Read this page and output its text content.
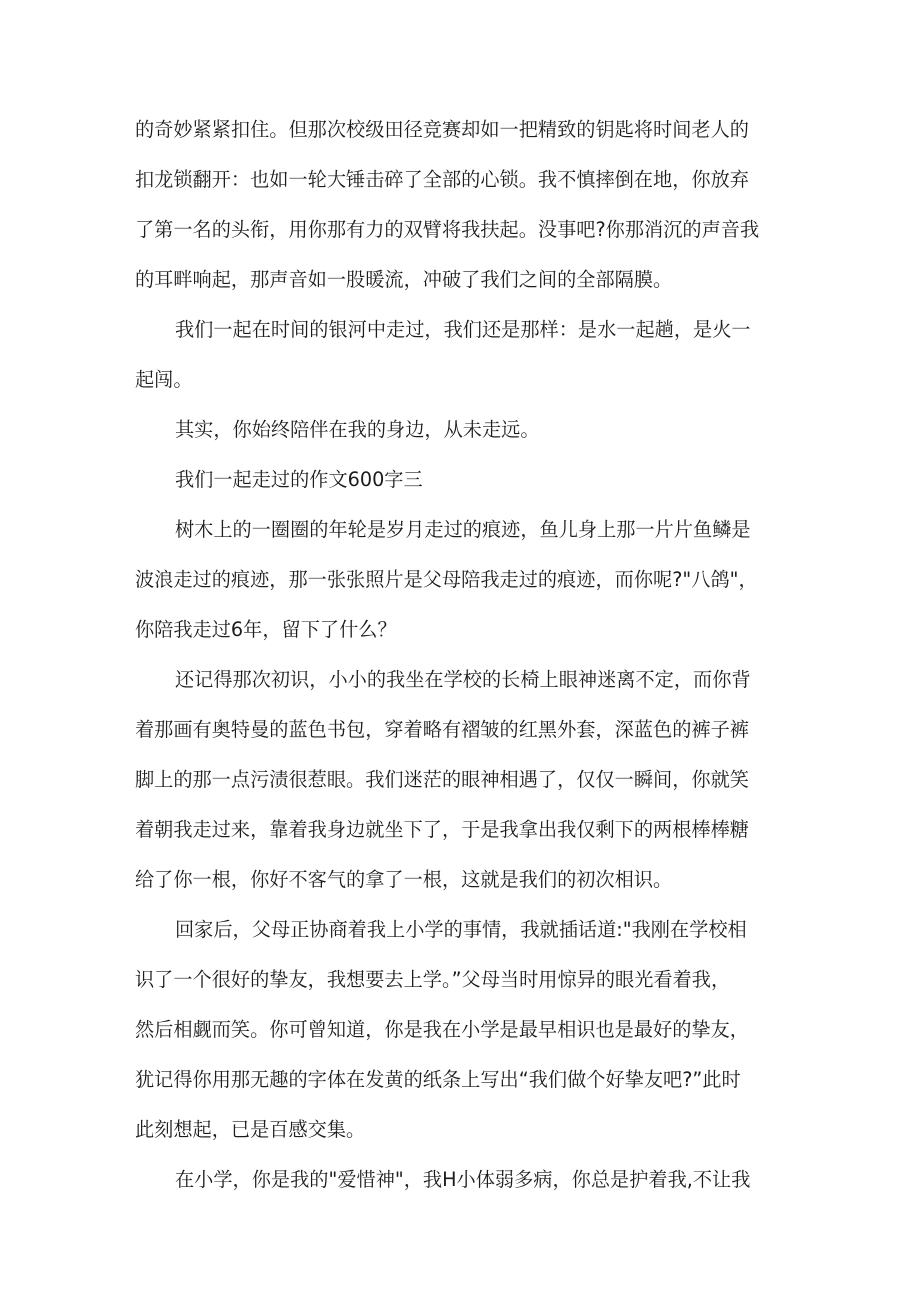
的奇妙紧紧扣住。但那次校级田径竞赛却如一把精致的钥匙将时间老人的

扣龙锁翻开：也如一轮大锤击碎了全部的心锁。我不慎摔倒在地，你放弃

了第一名的头衔，用你那有力的双臂将我扶起。没事吧?你那消沉的声音我

的耳畔响起，那声音如一股暖流，冲破了我们之间的全部隔膜。

我们一起在时间的银河中走过，我们还是那样：是水一起趟，是火一

起闯。

其实，你始终陪伴在我的身边，从未走远。

我们一起走过的作文600字三

树木上的一圈圈的年轮是岁月走过的痕迹，鱼儿身上那一片片鱼鳞是

波浪走过的痕迹，那一张张照片是父母陪我走过的痕迹，而你呢?"八鸽"，

你陪我走过6年，留下了什么？

还记得那次初识，小小的我坐在学校的长椅上眼神迷离不定，而你背

着那画有奥特曼的蓝色书包，穿着略有褶皱的红黑外套，深蓝色的裤子裤

脚上的那一点污渍很惹眼。我们迷茫的眼神相遇了，仅仅一瞬间，你就笑

着朝我走过来，靠着我身边就坐下了，于是我拿出我仅剩下的两根棒棒糖

给了你一根，你好不客气的拿了一根，这就是我们的初次相识。

回家后，父母正协商着我上小学的事情，我就插话道:"我刚在学校相

识了一个很好的挚友，我想要去上学。”父母当时用惊异的眼光看着我，

然后相觑而笑。你可曾知道，你是我在小学是最早相识也是最好的挚友，

犹记得你用那无趣的字体在发黄的纸条上写出“我们做个好挚友吧?”此时

此刻想起，已是百感交集。

在小学，你是我的"爱惜神"，我H小体弱多病，你总是护着我,不让我
